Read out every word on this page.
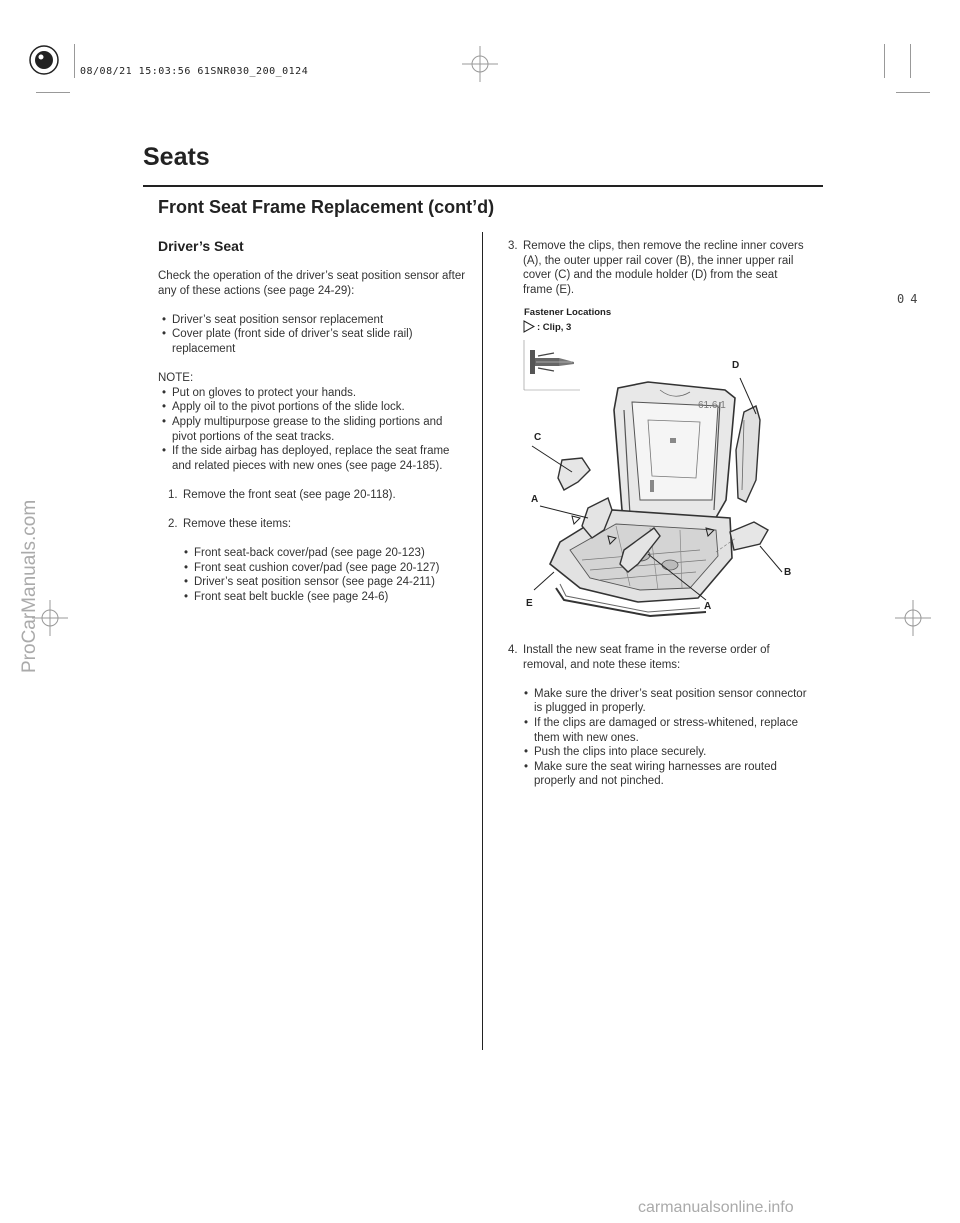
08/08/21 15:03:56 61SNR030_200_0124
04
ProCarManuals.com
carmanualsonline.info
Seats
Front Seat Frame Replacement (cont’d)
Driver’s Seat

Check the operation of the driver’s seat position sensor after any of these actions (see page 24-29):

• Driver’s seat position sensor replacement
• Cover plate (front side of driver’s seat slide rail) replacement

NOTE:

• Put on gloves to protect your hands.
• Apply oil to the pivot portions of the slide lock.
• Apply multipurpose grease to the sliding portions and pivot portions of the seat tracks.
• If the side airbag has deployed, replace the seat frame and related pieces with new ones (see page 24-185).
1. Remove the front seat (see page 20-118).
2. Remove these items:
• Front seat-back cover/pad (see page 20-123)
• Front seat cushion cover/pad (see page 20-127)
• Driver’s seat position sensor (see page 24-211)
• Front seat belt buckle (see page 24-6)
3. Remove the clips, then remove the recline inner covers (A), the outer upper rail cover (B), the inner upper rail cover (C) and the module holder (D) from the seat frame (E).
Fastener Locations
: Clip, 3
61.6.1
D
C
A
B
E	A
4. Install the new seat frame in the reverse order of removal, and note these items:
• Make sure the driver’s seat position sensor connector is plugged in properly.
• If the clips are damaged or stress-whitened, replace them with new ones.
• Push the clips into place securely.
• Make sure the seat wiring harnesses are routed properly and not pinched.
